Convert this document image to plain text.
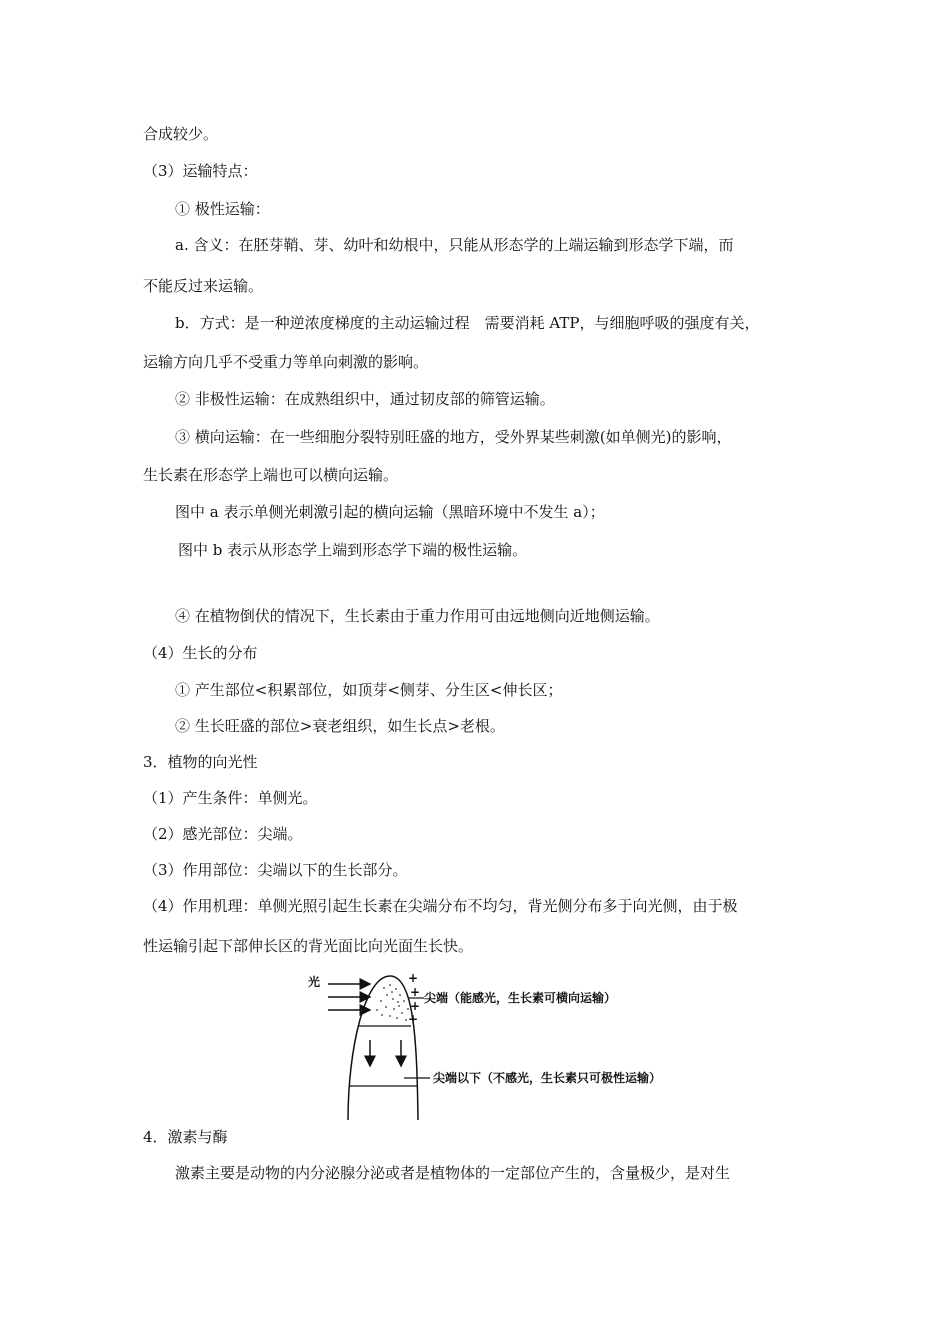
合成较少。
（3）运输特点：
① 极性运输：
a. 含义：在胚芽鞘、芽、幼叶和幼根中，只能从形态学的上端运输到形态学下端，而
不能反过来运输。
b．方式：是一种逆浓度梯度的主动运输过程　需要消耗 ATP，与细胞呼吸的强度有关，
运输方向几乎不受重力等单向刺激的影响。
② 非极性运输：在成熟组织中，通过韧皮部的筛管运输。
③ 横向运输：在一些细胞分裂特别旺盛的地方，受外界某些刺激(如单侧光)的影响，
生长素在形态学上端也可以横向运输。
图中 a 表示单侧光刺激引起的横向运输（黑暗环境中不发生 a）；
图中 b 表示从形态学上端到形态学下端的极性运输。
④ 在植物倒伏的情况下，生长素由于重力作用可由远地侧向近地侧运输。
（4）生长的分布
① 产生部位<积累部位，如顶芽<侧芽、分生区<伸长区；
② 生长旺盛的部位>衰老组织，如生长点>老根。
3．植物的向光性
（1）产生条件：单侧光。
（2）感光部位：尖端。
（3）作用部位：尖端以下的生长部分。
（4）作用机理：单侧光照引起生长素在尖端分布不均匀，背光侧分布多于向光侧，由于极
性运输引起下部伸长区的背光面比向光面生长快。
光	+
+
+
+
尖端（能感光，生长素可横向运输）
尖端以下（不感光，生长素只可极性运输）
4．激素与酶
激素主要是动物的内分泌腺分泌或者是植物体的一定部位产生的，含量极少，是对生
